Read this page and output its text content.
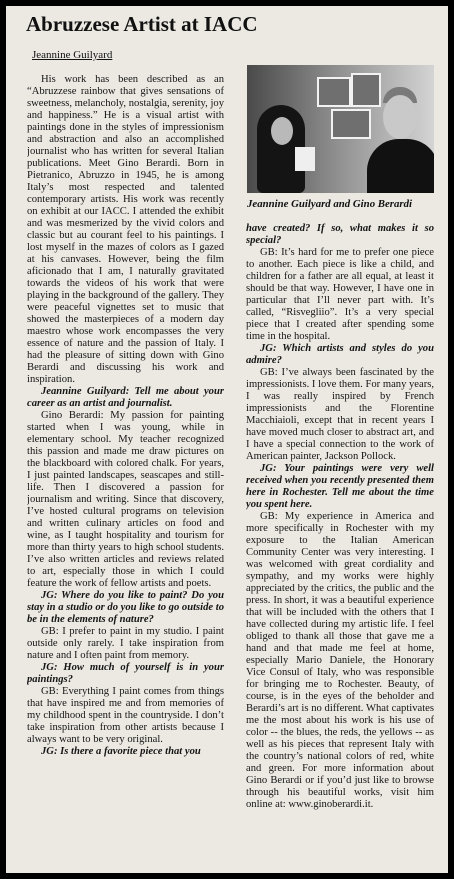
Abruzzese Artist at IACC
Jeannine Guilyard

His work has been described as an “Abruzzese rainbow that gives sensations of sweetness, melancholy, nostalgia, serenity, joy and happiness.” He is a visual artist with paintings done in the styles of impressionism and abstraction and also an accomplished journalist who has written for several Italian publications. Meet Gino Berardi. Born in Pietranico, Abruzzo in 1945, he is among Italy’s most respected and talented contemporary artists. His work was recently on exhibit at our IACC. I attended the exhibit and was mesmerized by the vivid colors and classic but au courant feel to his paintings. I lost myself in the mazes of colors as I gazed at his canvases. However, being the film aficionado that I am, I naturally gravitated towards the videos of his work that were playing in the background of the gallery. They were peaceful vignettes set to music that showed the masterpieces of a modern day maestro whose work encompasses the very essence of nature and the passion of Italy. I had the pleasure of sitting down with Gino Berardi and discussing his work and inspiration.

Jeannine Guilyard: Tell me about your career as an artist and journalist.

Gino Berardi: My passion for painting started when I was young, while in elementary school. My teacher recognized this passion and made me draw pictures on the blackboard with colored chalk. For years, I just painted landscapes, seascapes and still-life. Then I discovered a passion for journalism and writing. Since that discovery, I’ve hosted cultural programs on television and written culinary articles on food and wine, as I taught hospitality and tourism for more than thirty years to high school students. I’ve also written articles and reviews related to art, especially those in which I could feature the work of fellow artists and poets.

JG: Where do you like to paint? Do you stay in a studio or do you like to go outside to be in the elements of nature?

GB: I prefer to paint in my studio. I paint outside only rarely. I take inspiration from nature and I often paint from memory.

JG: How much of yourself is in your paintings?

GB: Everything I paint comes from things that have inspired me and from memories of my childhood spent in the countryside. I don’t take inspiration from other artists because I always want to be very original.

JG: Is there a favorite piece that you

Jeannine Guilyard and Gino Berardi

have created? If so, what makes it so special?

GB: It’s hard for me to prefer one piece to another. Each piece is like a child, and children for a father are all equal, at least it should be that way. However, I have one in particular that I’ll never part with. It’s called, “Risvegliio”. It’s a very special piece that I created after spending some time in the hospital.

JG: Which artists and styles do you admire?

GB: I’ve always been fascinated by the impressionists. I love them. For many years, I was really inspired by French impressionists and the Florentine Macchiaioli, except that in recent years I have moved much closer to abstract art, and I have a special connection to the work of American painter, Jackson Pollock.

JG: Your paintings were very well received when you recently presented them here in Rochester. Tell me about the time you spent here.

GB: My experience in America and more specifically in Rochester with my exposure to the Italian American Community Center was very interesting. I was welcomed with great cordiality and sympathy, and my works were highly appreciated by the critics, the public and the press. In short, it was a beautiful experience that will be included with the others that I have collected during my artistic life. I feel obliged to thank all those that gave me a hand and that made me feel at home, especially Mario Daniele, the Honorary Vice Consul of Italy, who was responsible for bringing me to Rochester. Beauty, of course, is in the eyes of the beholder and Berardi’s art is no different. What captivates me the most about his work is his use of color -- the blues, the reds, the yellows -- as well as his pieces that represent Italy with the country’s national colors of red, white and green. For more information about Gino Berardi or if you’d just like to browse through his beautiful works, visit him online at: www.ginoberardi.it.
